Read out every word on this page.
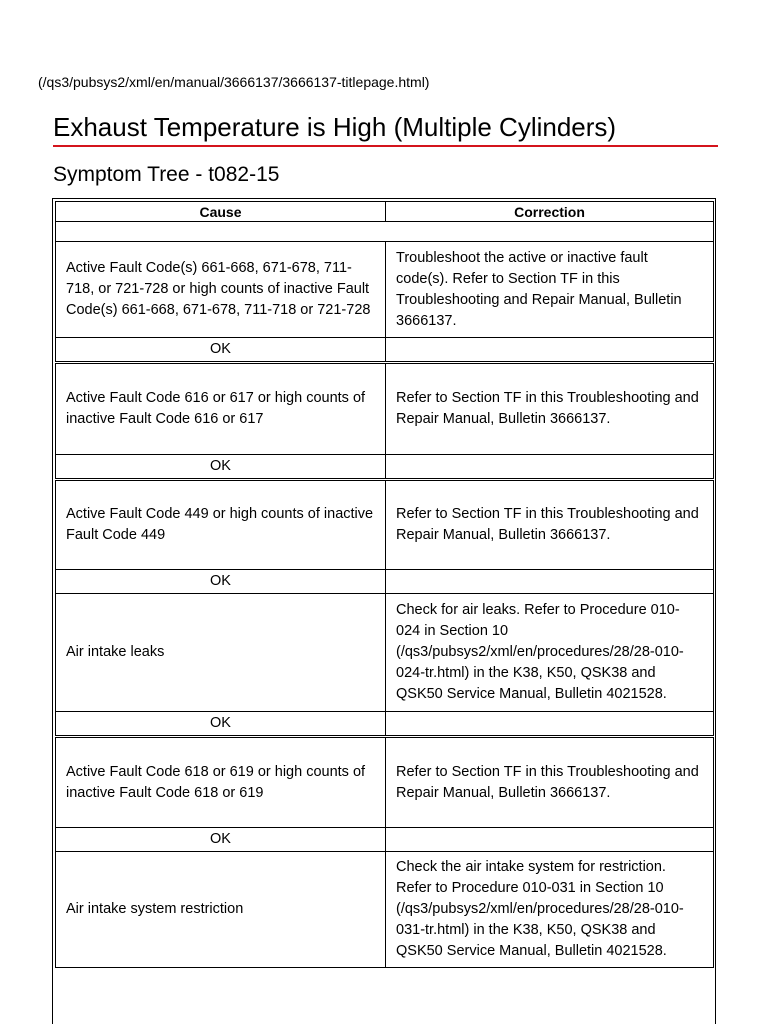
(/qs3/pubsys2/xml/en/manual/3666137/3666137-titlepage.html)
Exhaust Temperature is High (Multiple Cylinders)
Symptom Tree - t082-15
Cause	Correction

Active Fault Code(s) 661-668, 671-678, 711-718, or 721-728 or high counts of inactive Fault Code(s) 661-668, 671-678, 711-718 or 721-728	Troubleshoot the active or inactive fault code(s). Refer to Section TF in this Troubleshooting and Repair Manual, Bulletin 3666137.
OK	

Active Fault Code 616 or 617 or high counts of inactive Fault Code 616 or 617	Refer to Section TF in this Troubleshooting and Repair Manual, Bulletin 3666137.
OK	

Active Fault Code 449 or high counts of inactive Fault Code 449	Refer to Section TF in this Troubleshooting and Repair Manual, Bulletin 3666137.
OK	
Air intake leaks	Check for air leaks. Refer to Procedure 010-024 in Section 10 (/qs3/pubsys2/xml/en/procedures/28/28-010-024-tr.html) in the K38, K50, QSK38 and QSK50 Service Manual, Bulletin 4021528.
OK	

Active Fault Code 618 or 619 or high counts of inactive Fault Code 618 or 619	Refer to Section TF in this Troubleshooting and Repair Manual, Bulletin 3666137.
OK	
Air intake system restriction	Check the air intake system for restriction. Refer to Procedure 010-031 in Section 10 (/qs3/pubsys2/xml/en/procedures/28/28-010-031-tr.html) in the K38, K50, QSK38 and QSK50 Service Manual, Bulletin 4021528.
